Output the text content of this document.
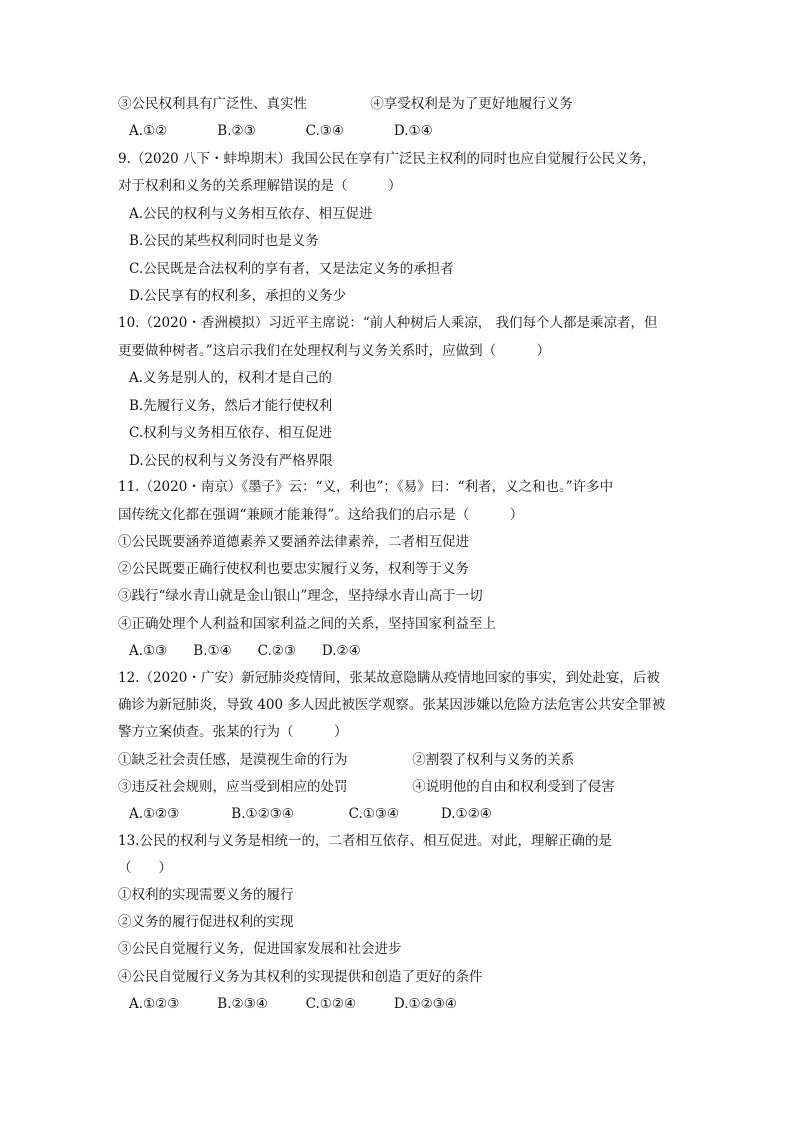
③公民权利具有广泛性、真实性	④享受权利是为了更好地履行义务
A.①②	B.②③	C.③④	D.①④
9.（2020 八下・蚌埠期末）我国公民在享有广泛民主权利的同时也应自觉履行公民义务，
对于权利和义务的关系理解错误的是（　　　）
A.公民的权利与义务相互依存、相互促进
B.公民的某些权利同时也是义务
C.公民既是合法权利的享有者，又是法定义务的承担者
D.公民享有的权利多，承担的义务少
10.（2020・香洲模拟）习近平主席说：“前人种树后人乘凉， 我们每个人都是乘凉者，但
更要做种树者。”这启示我们在处理权利与义务关系时，应做到（　　　）
A.义务是别人的，权利才是自己的
B.先履行义务，然后才能行使权利
C.权利与义务相互依存、相互促进
D.公民的权利与义务没有严格界限
11.（2020・南京）《墨子》云：“义，利也”；《易》曰：“利者，义之和也。”许多中
国传统文化都在强调“兼顾才能兼得”。这给我们的启示是（　　　）
①公民既要涵养道德素养又要涵养法律素养，二者相互促进
②公民既要正确行使权利也要忠实履行义务，权利等于义务
③践行“绿水青山就是金山银山”理念，坚持绿水青山高于一切
④正确处理个人利益和国家利益之间的关系，坚持国家利益至上
A.①③ B.①④ C.②③ D.②④
12.（2020・广安）新冠肺炎疫情间，张某故意隐瞒从疫情地回家的事实，到处赴宴，后被
确诊为新冠肺炎，导致 400 多人因此被医学观察。张某因涉嫌以危险方法危害公共安全罪被
警方立案侦查。张某的行为（　　　）
①缺乏社会责任感，是漠视生命的行为	②割裂了权利与义务的关系
③违反社会规则，应当受到相应的处罚	④说明他的自由和权利受到了侵害
A.①②③	B.①②③④	C.①③④	D.①②④
13.公民的权利与义务是相统一的，二者相互依存、相互促进。对此，理解正确的是
（　　）
①权利的实现需要义务的履行
②义务的履行促进权利的实现
③公民自觉履行义务，促进国家发展和社会进步
④公民自觉履行义务为其权利的实现提供和创造了更好的条件
A.①②③	B.②③④	C.①②④	D.①②③④
